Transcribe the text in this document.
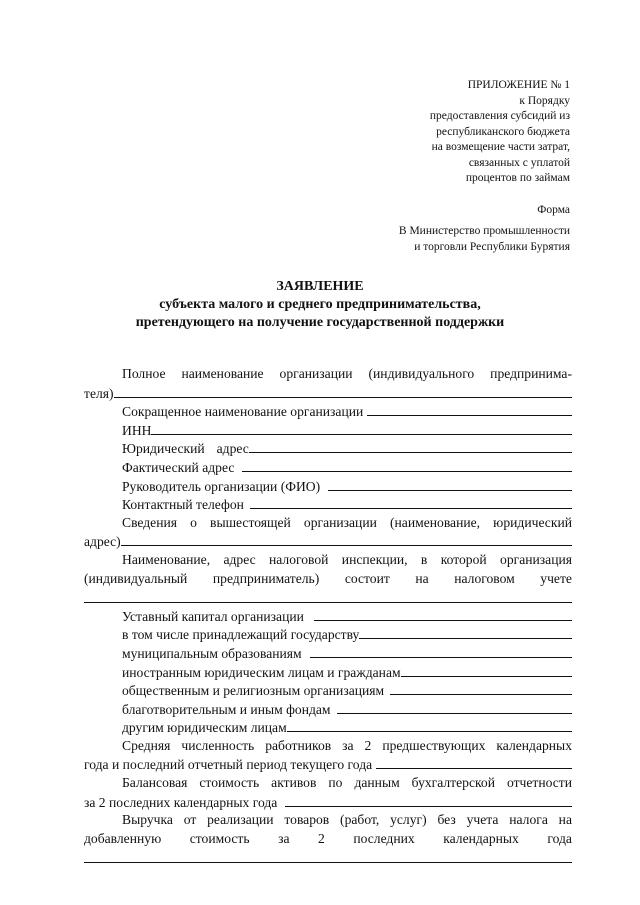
ПРИЛОЖЕНИЕ № 1
к Порядку
предоставления субсидий из
республиканского бюджета
на возмещение части затрат,
связанных с уплатой
процентов по займам
Форма
В Министерство промышленности
и торговли Республики Бурятия
ЗАЯВЛЕНИЕ
субъекта малого и среднего предпринимательства,
претендующего на получение государственной поддержки
Полное наименование организации (индивидуального предпринима-
теля)
Сокращенное наименование организации
ИНН
Юридический адрес
Фактический адрес
Руководитель организации (ФИО)
Контактный телефон
Сведения о вышестоящей организации (наименование, юридический
адрес)
Наименование, адрес налоговой инспекции, в которой организация
(индивидуальный предприниматель) состоит на налоговом учете
Уставный капитал организации
в том числе принадлежащий государству
муниципальным образованиям
иностранным юридическим лицам и гражданам
общественным и религиозным организациям
благотворительным и иным фондам
другим юридическим лицам
Средняя численность работников за 2 предшествующих календарных
года и последний отчетный период текущего года
Балансовая стоимость активов по данным бухгалтерской отчетности
за 2 последних календарных года
Выручка от реализации товаров (работ, услуг) без учета налога на
добавленную стоимость за 2 последних календарных года
